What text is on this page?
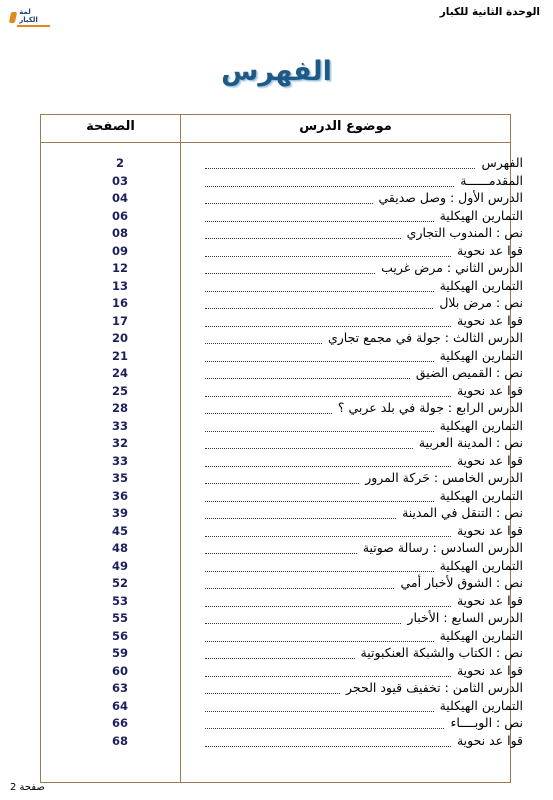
الوحدة الثانية للكبار
لمة الكبار
الفهرس
موضوع الدرس
الصفحة
2	الفهرس
03	المقدمــــــة
04	الدرس الأول : وصل صديقي
06	التمارين الهيكلية
08	نص : المندوب التجاري
09	قوا عد نحوية
12	الدرس الثاني : مرض غريب
13	التمارين الهيكلية
16	نص : مرض بلال
17	قوا عد نحوية
20	الدرس الثالث : جولة في مجمع تجاري
21	التمارين الهيكلية
24	نص : القميص الضيق
25	قوا عد نحوية
28	الدرس الرابع : جولة في بلد عربي ؟
33	التمارين الهيكلية
32	نص : المدينة العربية
33	قوا عد نحوية
35	الدرس الخامس : حَركة المرور
36	التمارين الهيكلية
39	نص : التنقل في المدينة
45	قوا عد نحوية
48	الدرس السادس : رسالة صوتية
49	التمارين الهيكلية
52	نص : الشوق لأخبار أمي
53	قوا عد نحوية
55	الدرس السابع : الأخبار
56	التمارين الهيكلية
59	نص : الكتاب والشبكة العنكبوتية
60	قوا عد نحوية
63	الدرس الثامن : تخفيف قيود الحجر
64	التمارين الهيكلية
66	نص : الوبــــاء
68	قوا عد نحوية
صفحة 2
